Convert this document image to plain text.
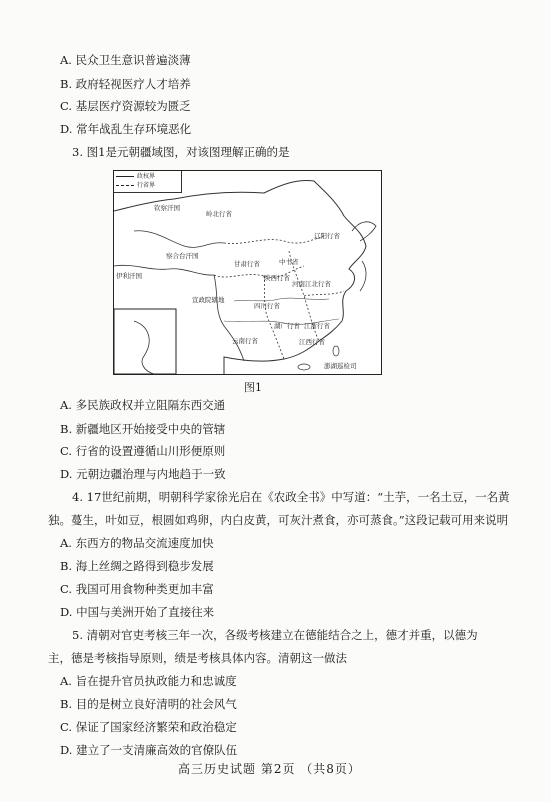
A. 民众卫生意识普遍淡薄
B. 政府轻视医疗人才培养
C. 基层医疗资源较为匮乏
D. 常年战乱生存环境恶化
3. 图1是元朝疆域图，对该图理解正确的是
政权界
行省界
钦察汗国
岭北行省
察合台汗国
伊利汗国
中书省
辽阳行省
甘肃行省
陕西行省
河南江北行省
宣政院辖地
四川行省
湖广行省 江浙行省
江西行省
云南行省
澎湖巡检司
图1
A. 多民族政权并立阻隔东西交通
B. 新疆地区开始接受中央的管辖
C. 行省的设置遵循山川形便原则
D. 元朝边疆治理与内地趋于一致
4. 17世纪前期，明朝科学家徐光启在《农政全书》中写道：“土芋，一名土豆，一名黄
独。蔓生，叶如豆，根圆如鸡卵，内白皮黄，可灰汁煮食，亦可蒸食。”这段记载可用来说明
A. 东西方的物品交流速度加快
B. 海上丝绸之路得到稳步发展
C. 我国可用食物种类更加丰富
D. 中国与美洲开始了直接往来
5. 清朝对官吏考核三年一次，各级考核建立在德能结合之上，德才并重，以德为
主，德是考核指导原则，绩是考核具体内容。清朝这一做法
A. 旨在提升官员执政能力和忠诚度
B. 目的是树立良好清明的社会风气
C. 保证了国家经济繁荣和政治稳定
D. 建立了一支清廉高效的官僚队伍
高三历史试题 第2页 （共8页）
